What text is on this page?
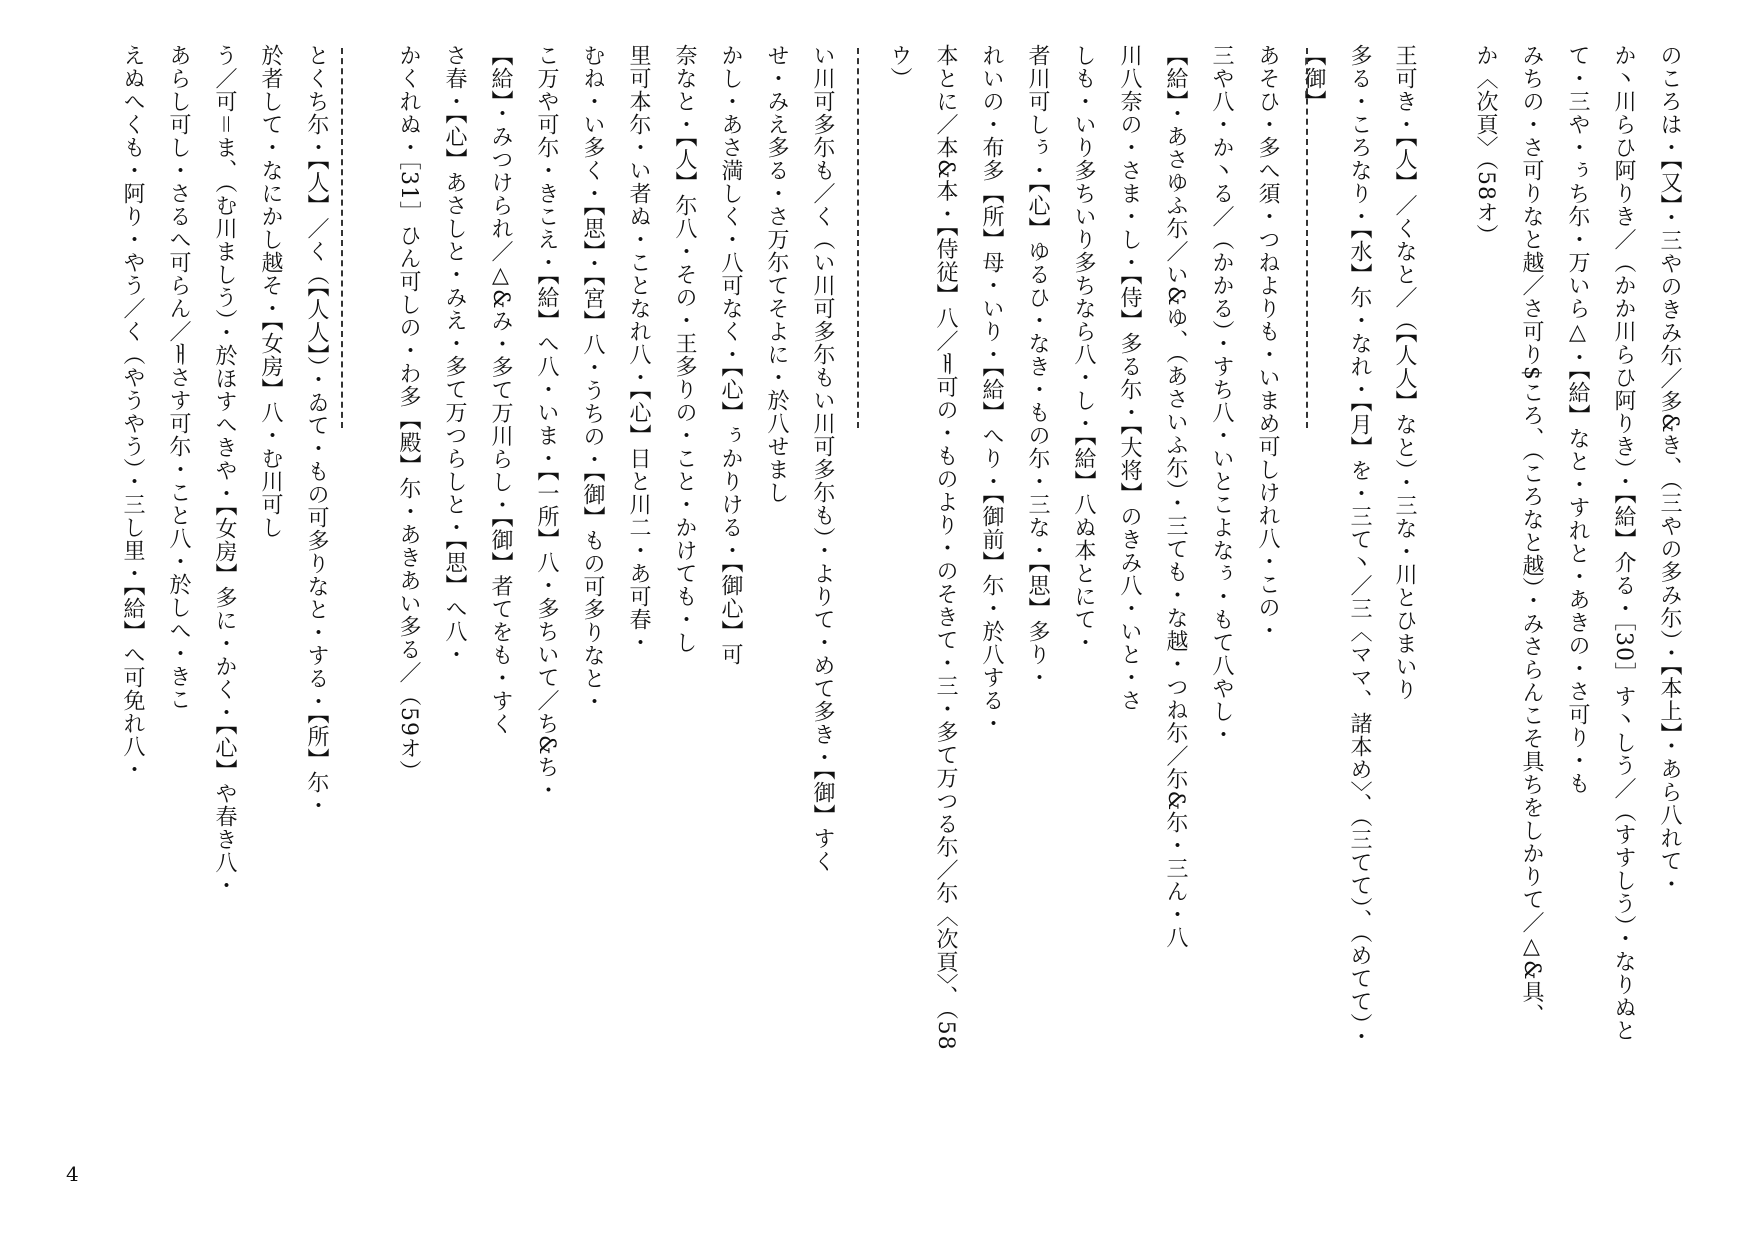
のころは・【又】・三やのきみ尓／多&き、（三やの多み尓）・【本上】・あら八れて・
か丶川らひ阿りき／（かか川らひ阿りき）・【給】介る・［30］す丶しう／（すすしう）・なりぬと
て・三や・ぅち尓・万いら△・【給】なと・すれと・あきの・さ可り・も
みちの・さ可りなと越／さ可り$ころ、（ころなと越）・みさらんこそ具ちをしかりて／△&具、
か〈次頁〉（58オ）
王可き・【人】／くなと／（【人人】なと）・三な・川とひまいり
多る・ころなり・【水】尓・なれ・【月】を・三て丶／三〈ママ、諸本め〉、（三てて）、（めてて）・
【御】
あそひ・多へ須・つねよりも・いまめ可しけれ八・この・
三や八・か丶る／（かかる）・すち八・いとこよなぅ・もて八やし・
【給】・あさゆふ尓／い&ゆ、（あさいふ尓）・三ても・な越・つね尓／尓&尓・三ん・八
川八奈の・さま・し・【侍】多る尓・【大将】のきみ八・いと・さ
しも・いり多ちいり多ちなら八・し・【給】八ぬ本とにて・
者川可しぅ・【心】ゆるひ・なき・もの尓・三な・【思】多り・
れいの・布多【所】母・いり・【給】へり・【御前】尓・於八する・
本とに／本&本・【侍従】八／ㅐ可の・ものより・のそきて・三・多て万つる尓／尓〈次頁〉、（58
ウ）
い川可多尓も／く（い川可多尓もい川可多尓も）・よりて・めて多き・【御】すく
せ・みえ多る・さ万尓てそよに・於八せまし
かし・あさ満しく・八可なく・【心】ぅかりける・【御心】可
奈なと・【人】尓八・その・王多りの・こと・かけても・し
里可本尓・い者ぬ・ことなれ八・【心】日と川二・あ可春・
むね・い多く・【思】・【宮】八・うちの・【御】もの可多りなと・
こ万や可尓・きこえ・【給】へ八・いま・【一所】八・多ちいて／ち&ち・
【給】・みつけられ／△&み・多て万川らし・【御】者てをも・すく
さ春・【心】あさしと・みえ・多て万つらしと・【思】へ八・
かくれぬ・［31］ひん可しの・わ多【殿】尓・あきあい多る／（59オ）
とくち尓・【人】／く（【人人】）・ゐて・もの可多りなと・する・【所】尓・
於者して・なにかし越そ・【女房】八・む川可し
う／可＝ま、（む川ましう）・於ほすへきや・【女房】多に・かく・【心】や春き八・
あらし可し・さるへ可らん／ㅐさす可尓・こと八・於しへ・きこ
えぬへくも・阿り・やう／く（やうやう）・三し里・【給】へ可免れ八・
4
